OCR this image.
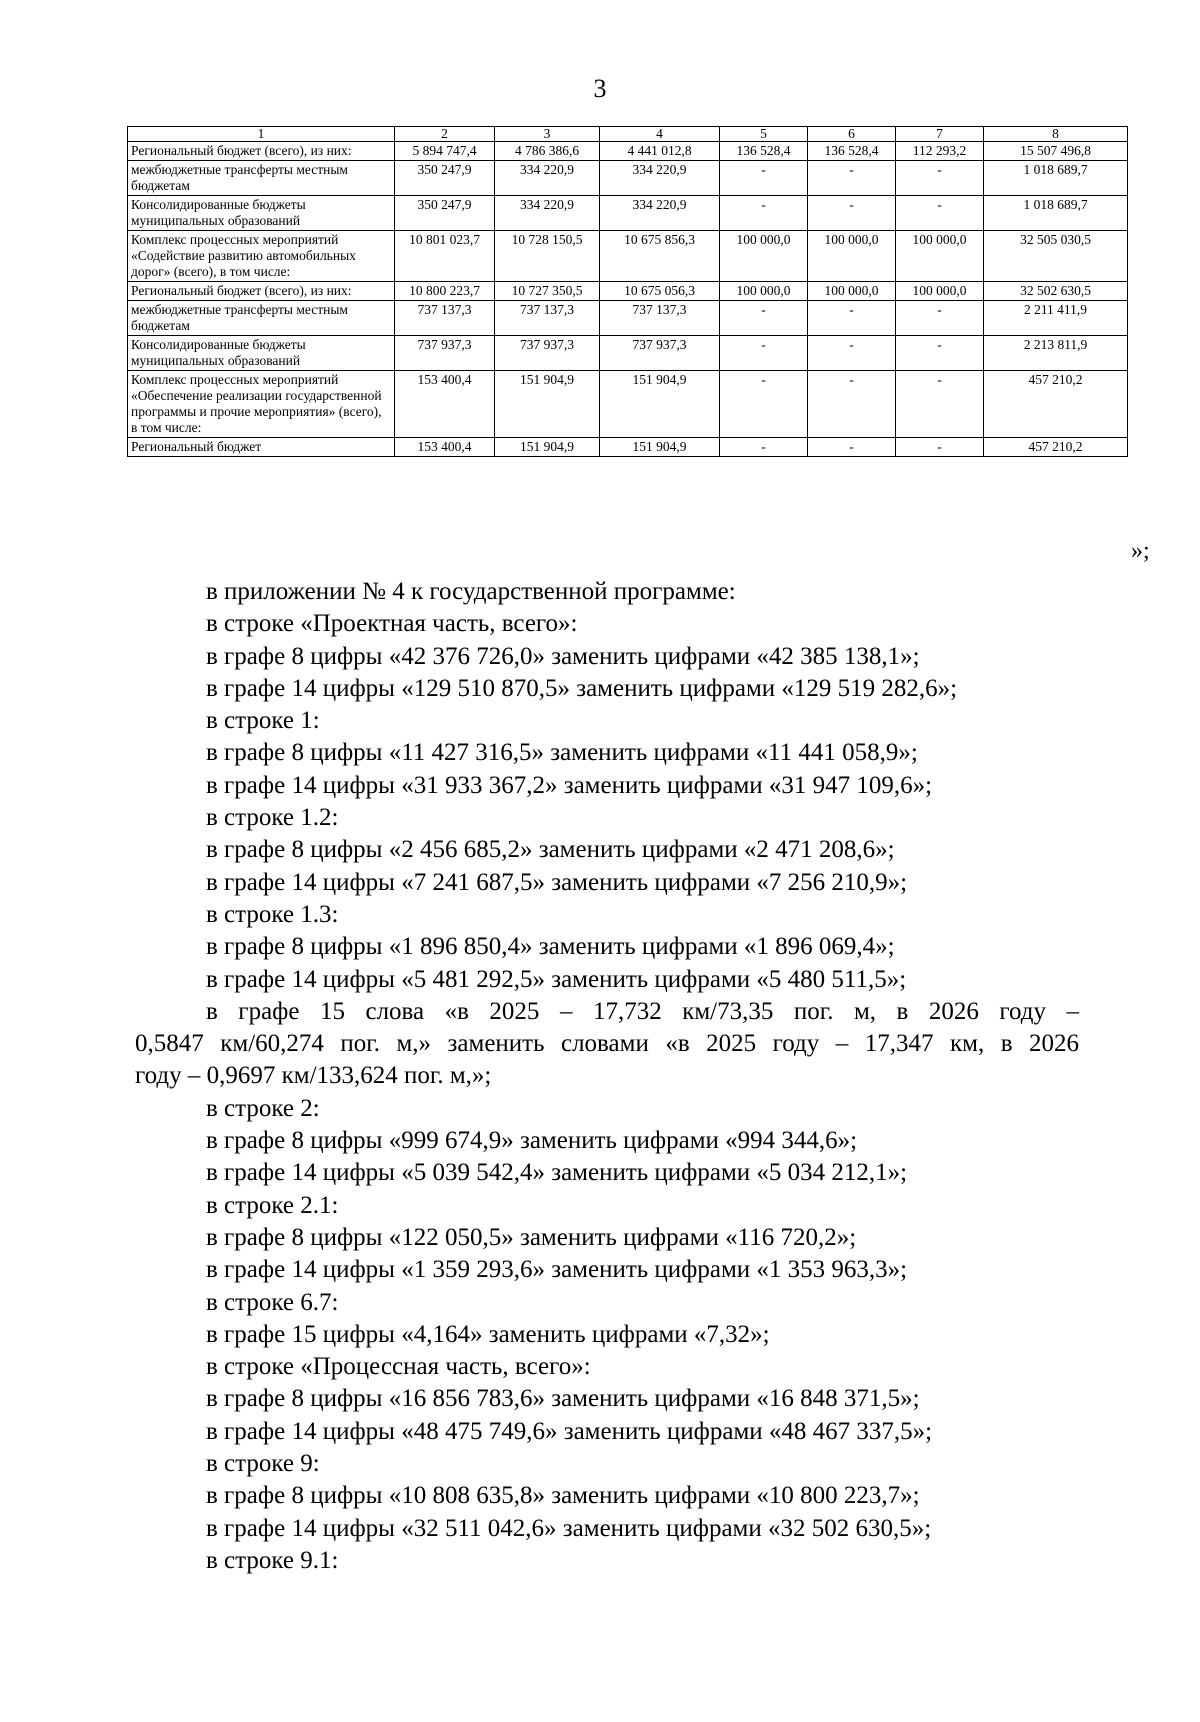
3
1	2	3	4	5	6	7	8
Региональный бюджет (всего), из них:	5 894 747,4	4 786 386,6	4 441 012,8	136 528,4	136 528,4	112 293,2	15 507 496,8
межбюджетные трансферты местным бюджетам	350 247,9	334 220,9	334 220,9	-	-	-	1 018 689,7
Консолидированные бюджеты муниципальных образований	350 247,9	334 220,9	334 220,9	-	-	-	1 018 689,7
Комплекс процессных мероприятий «Содействие развитию автомобильных дорог» (всего), в том числе:	10 801 023,7	10 728 150,5	10 675 856,3	100 000,0	100 000,0	100 000,0	32 505 030,5
Региональный бюджет (всего), из них:	10 800 223,7	10 727 350,5	10 675 056,3	100 000,0	100 000,0	100 000,0	32 502 630,5
межбюджетные трансферты местным бюджетам	737 137,3	737 137,3	737 137,3	-	-	-	2 211 411,9
Консолидированные бюджеты муниципальных образований	737 937,3	737 937,3	737 937,3	-	-	-	2 213 811,9
Комплекс процессных мероприятий «Обеспечение реализации государственной программы и прочие мероприятия» (всего), в том числе:	153 400,4	151 904,9	151 904,9	-	-	-	457 210,2
Региональный бюджет	153 400,4	151 904,9	151 904,9	-	-	-	457 210,2
»;

в приложении № 4 к государственной программе:

в строке «Проектная часть, всего»:

в графе 8 цифры «42 376 726,0» заменить цифрами «42 385 138,1»;

в графе 14 цифры «129 510 870,5» заменить цифрами «129 519 282,6»;

в строке 1:

в графе 8 цифры «11 427 316,5» заменить цифрами «11 441 058,9»;

в графе 14 цифры «31 933 367,2» заменить цифрами «31 947 109,6»;

в строке 1.2:

в графе 8 цифры «2 456 685,2» заменить цифрами «2 471 208,6»;

в графе 14 цифры «7 241 687,5» заменить цифрами «7 256 210,9»;

в строке 1.3:

в графе 8 цифры «1 896 850,4» заменить цифрами «1 896 069,4»;

в графе 14 цифры «5 481 292,5» заменить цифрами «5 480 511,5»;

в графе 15 слова «в 2025 – 17,732 км/73,35 пог. м, в 2026 году –

0,5847 км/60,274 пог. м,» заменить словами «в 2025 году – 17,347 км, в 2026

году – 0,9697 км/133,624 пог. м,»;

в строке 2:

в графе 8 цифры «999 674,9» заменить цифрами «994 344,6»;

в графе 14 цифры «5 039 542,4» заменить цифрами «5 034 212,1»;

в строке 2.1:

в графе 8 цифры «122 050,5» заменить цифрами «116 720,2»;

в графе 14 цифры «1 359 293,6» заменить цифрами «1 353 963,3»;

в строке 6.7:

в графе 15 цифры «4,164» заменить цифрами «7,32»;

в строке «Процессная часть, всего»:

в графе 8 цифры «16 856 783,6» заменить цифрами «16 848 371,5»;

в графе 14 цифры «48 475 749,6» заменить цифрами «48 467 337,5»;

в строке 9:

в графе 8 цифры «10 808 635,8» заменить цифрами «10 800 223,7»;

в графе 14 цифры «32 511 042,6» заменить цифрами «32 502 630,5»;

в строке 9.1:
